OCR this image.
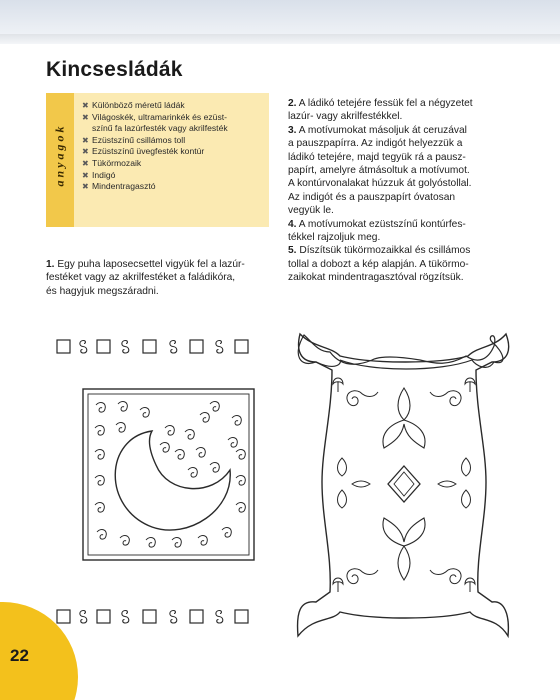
Kincsesládák
anyagok
✖ Különböző méretű ládák
✖ Világoskék, ultramarinkék és ezüst-
színű fa lazúrfesték vagy akrilfesték
✖ Ezüstszínű csillámos toll
✖ Ezüstszínű üvegfesték kontúr
✖ Tükörmozaik
✖ Indigó
✖ Mindentragasztó
1. Egy puha laposecsettel vigyük fel a lazúr-
festéket vagy az akrilfestéket a faládikóra,
és hagyjuk megszáradni.

2. A ládikó tetejére fessük fel a négyzetet
lazúr- vagy akrilfestékkel.

3. A motívumokat másoljuk át ceruzával
a pauszpapírra. Az indigót helyezzük a
ládikó tetejére, majd tegyük rá a pausz-
papírt, amelyre átmásoltuk a motívumot.
A kontúrvonalakat húzzuk át golyóstollal.
Az indigót és a pauszpapírt óvatosan
vegyük le.

4. A motívumokat ezüstszínű kontúrfes-
tékkel rajzoljuk meg.

5. Díszítsük tükörmozaikkal és csillámos
tollal a dobozt a kép alapján. A tükörmo-
zaikokat mindentragasztóval rögzítsük.

22
